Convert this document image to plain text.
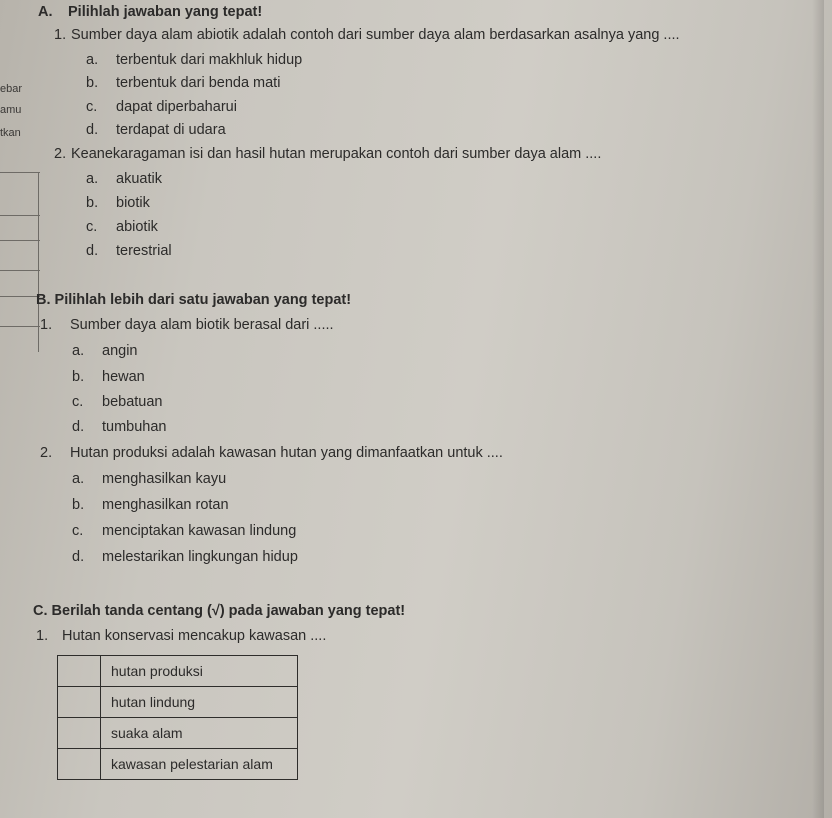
ebar
amu
tkan
A. Pilihlah jawaban yang tepat!
1. Sumber daya alam abiotik adalah contoh dari sumber daya alam berdasarkan asalnya yang ....
a. terbentuk dari makhluk hidup
b. terbentuk dari benda mati
c. dapat diperbaharui
d. terdapat di udara
2. Keanekaragaman isi dan hasil hutan merupakan contoh dari sumber daya alam ....
a. akuatik
b. biotik
c. abiotik
d. terestrial
B. Pilihlah lebih dari satu jawaban yang tepat!
1. Sumber daya alam biotik berasal dari .....
a. angin
b. hewan
c. bebatuan
d. tumbuhan
2. Hutan produksi adalah kawasan hutan yang dimanfaatkan untuk ....
a. menghasilkan kayu
b. menghasilkan rotan
c. menciptakan kawasan lindung
d. melestarikan lingkungan hidup
C. Berilah tanda centang (√) pada jawaban yang tepat!
1. Hutan konservasi mencakup kawasan ....
	hutan produksi
	hutan lindung
	suaka alam
	kawasan pelestarian alam
